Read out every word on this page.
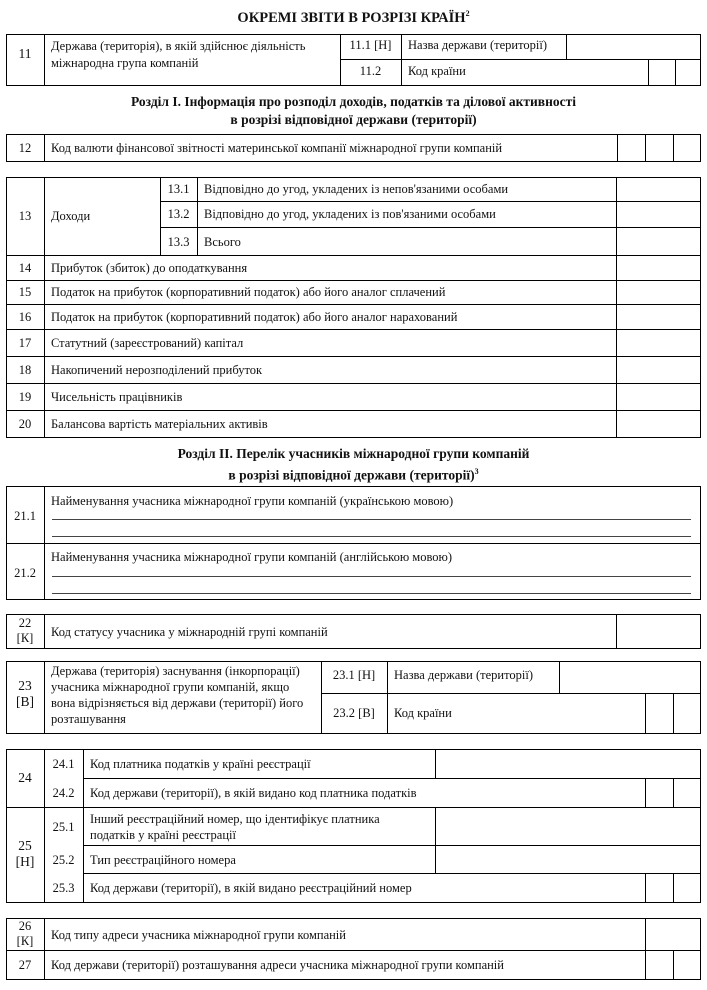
ОКРЕМІ ЗВІТИ В РОЗРІЗІ КРАЇН$^2$
11	Держава (територія), в якій здійснює діяльність
міжнародна група компаній
11.1 [Н]	Назва держави (території)
11.2	Код країни
Розділ І. Інформація про розподіл доходів, податків та ділової активності
в розрізі відповідної держави (території)
12	Код валюти фінансової звітності материнської компанії міжнародної групи компаній
13	Доходи
13.1	Відповідно до угод, укладених із непов'язаними особами
13.2	Відповідно до угод, укладених із пов'язаними особами
13.3	Всього
14	Прибуток (збиток) до оподаткування
15	Податок на прибуток (корпоративний податок) або його аналог сплачений
16	Податок на прибуток (корпоративний податок) або його аналог нарахований
17	Статутний (зареєстрований) капітал
18	Накопичений нерозподілений прибуток
19	Чисельність працівників
20	Балансова вартість матеріальних активів
Розділ ІІ. Перелік учасників міжнародної групи компаній
в розрізі відповідної держави (території)$^3$
21.1
Найменування учасника міжнародної групи компаній (українською мовою)
21.2
Найменування учасника міжнародної групи компаній (англійською мовою)
22
[К]	Код статусу учасника у міжнародній групі компаній
23
[В]
Держава (територія) заснування (інкорпорації)
учасника міжнародної групи компаній, якщо
вона відрізняється від держави (території) його
розташування
23.1 [Н]	Назва держави (території)
23.2 [В]	Код країни
24
24.1	Код платника податків у країні реєстрації
24.2	Код держави (території), в якій видано код платника податків
25
[Н]
25.1
Інший реєстраційний номер, що ідентифікує платника
податків у країні реєстрації
25.2	Тип реєстраційного номера
25.3	Код держави (території), в якій видано реєстраційний номер
26
[К]	Код типу адреси учасника міжнародної групи компаній
27	Код держави (території) розташування адреси учасника міжнародної групи компаній
